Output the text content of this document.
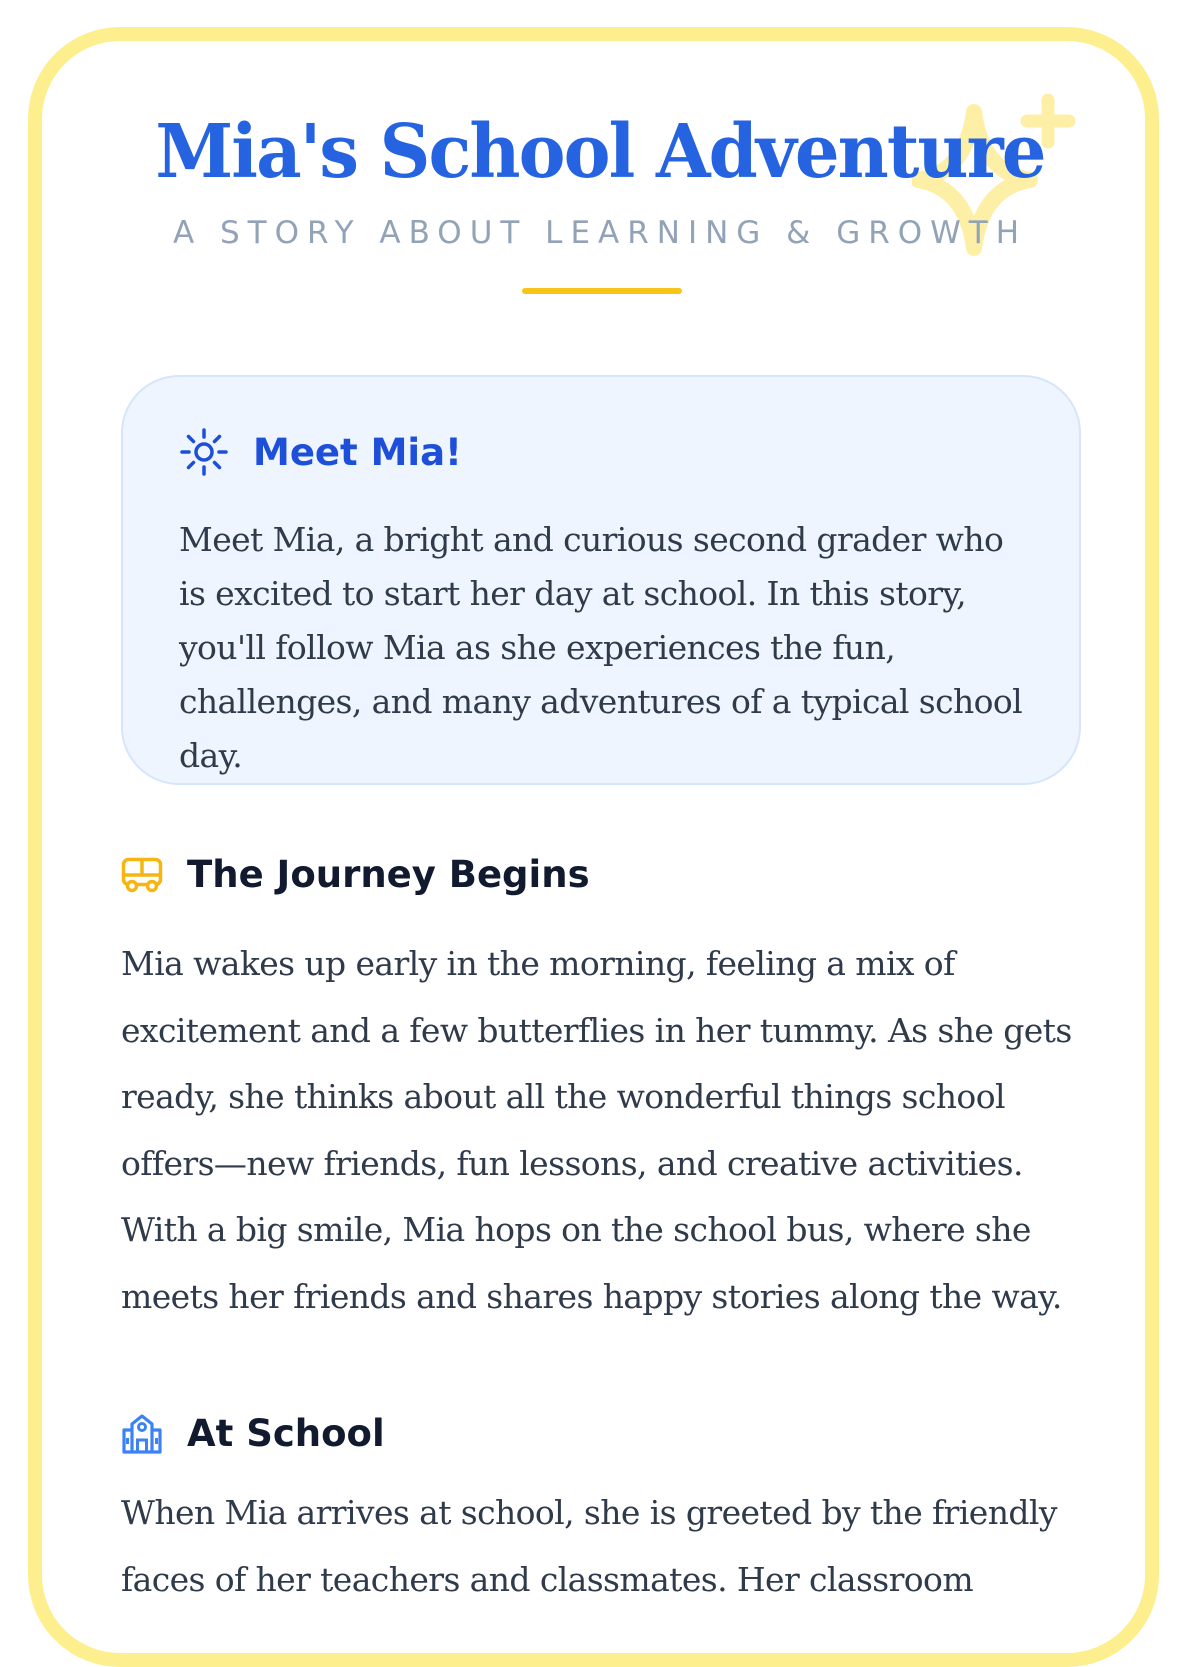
Mia's School Adventure
A STORY ABOUT LEARNING & GROWTH
Meet Mia!

Meet Mia, a bright and curious second grader who is excited to start her day at school. In this story, you'll follow Mia as she experiences the fun, challenges, and many adventures of a typical school day.

The Journey Begins

Mia wakes up early in the morning, feeling a mix of excitement and a few butterflies in her tummy. As she gets ready, she thinks about all the wonderful things school offers—new friends, fun lessons, and creative activities. With a big smile, Mia hops on the school bus, where she meets her friends and shares happy stories along the way.

At School

When Mia arrives at school, she is greeted by the friendly faces of her teachers and classmates. Her classroom
